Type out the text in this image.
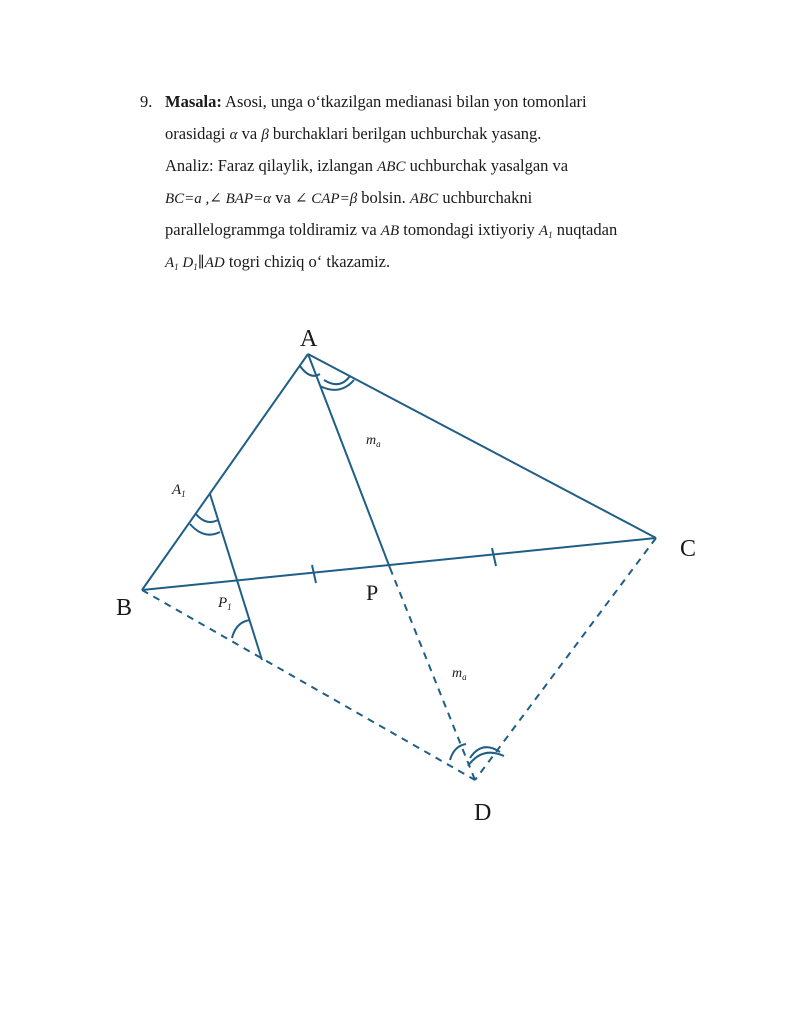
9. Masala: Asosi, unga o‘tkazilgan medianasi bilan yon tomonlari
orasidagi α va β burchaklari berilgan uchburchak yasang.
Analiz: Faraz qilaylik, izlangan ABC uchburchak yasalgan va
BC=a ,∠ BAP=α va ∠ CAP=β bolsin. ABC uchburchakni
parallelogrammga toldiramiz va AB tomondagi ixtiyoriy $A_1$ nuqtadan
$A_1$ $D_1\parallel AD$ togri chiziq o‘ tkazamiz.
A
B
C
D
P
$A_1$
$P_1$
$m_a$
$m_a$
